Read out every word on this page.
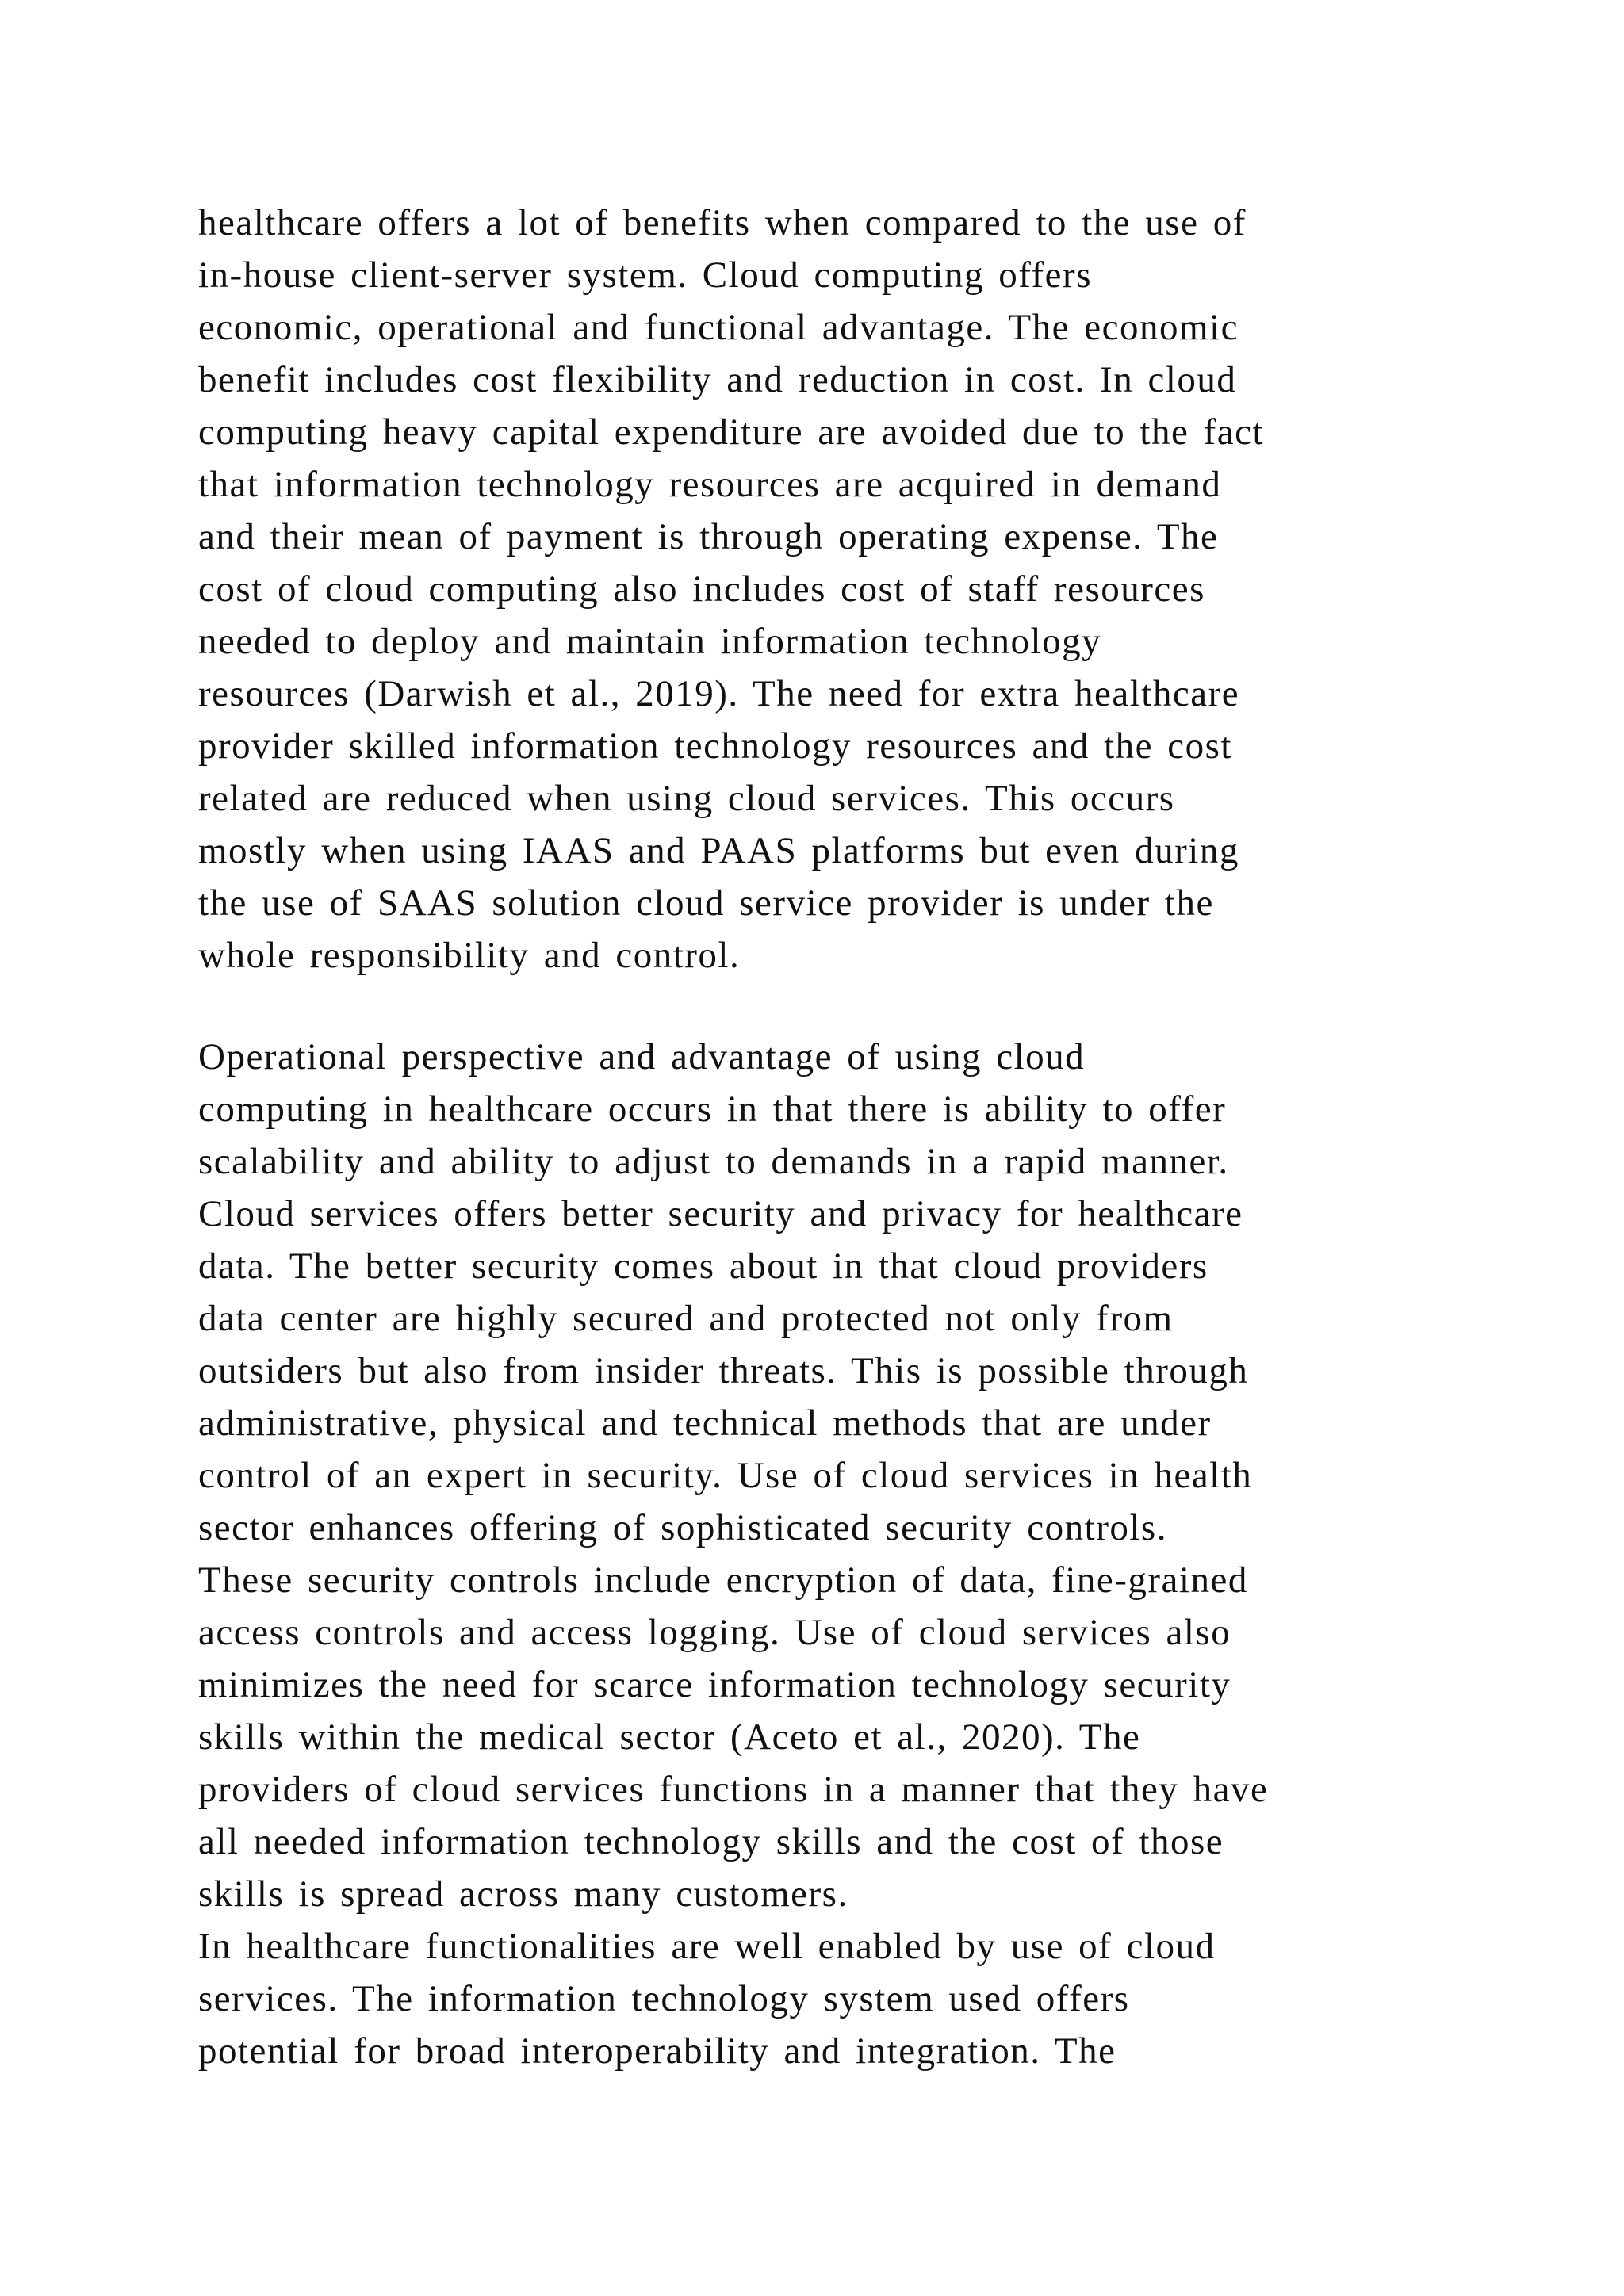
healthcare offers a lot of benefits when compared to the use of
in-house client-server system. Cloud computing offers
economic, operational and functional advantage. The economic
benefit includes cost flexibility and reduction in cost. In cloud
computing heavy capital expenditure are avoided due to the fact
that information technology resources are acquired in demand
and their mean of payment is through operating expense. The
cost of cloud computing also includes cost of staff resources
needed to deploy and maintain information technology
resources (Darwish et al., 2019). The need for extra healthcare
provider skilled information technology resources and the cost
related are reduced when using cloud services. This occurs
mostly when using IAAS and PAAS platforms but even during
the use of SAAS solution cloud service provider is under the
whole responsibility and control.
Operational perspective and advantage of using cloud
computing in healthcare occurs in that there is ability to offer
scalability and ability to adjust to demands in a rapid manner.
Cloud services offers better security and privacy for healthcare
data. The better security comes about in that cloud providers
data center are highly secured and protected not only from
outsiders but also from insider threats. This is possible through
administrative, physical and technical methods that are under
control of an expert in security. Use of cloud services in health
sector enhances offering of sophisticated security controls.
These security controls include encryption of data, fine-grained
access controls and access logging. Use of cloud services also
minimizes the need for scarce information technology security
skills within the medical sector (Aceto et al., 2020). The
providers of cloud services functions in a manner that they have
all needed information technology skills and the cost of those
skills is spread across many customers.
In healthcare functionalities are well enabled by use of cloud
services. The information technology system used offers
potential for broad interoperability and integration. The
